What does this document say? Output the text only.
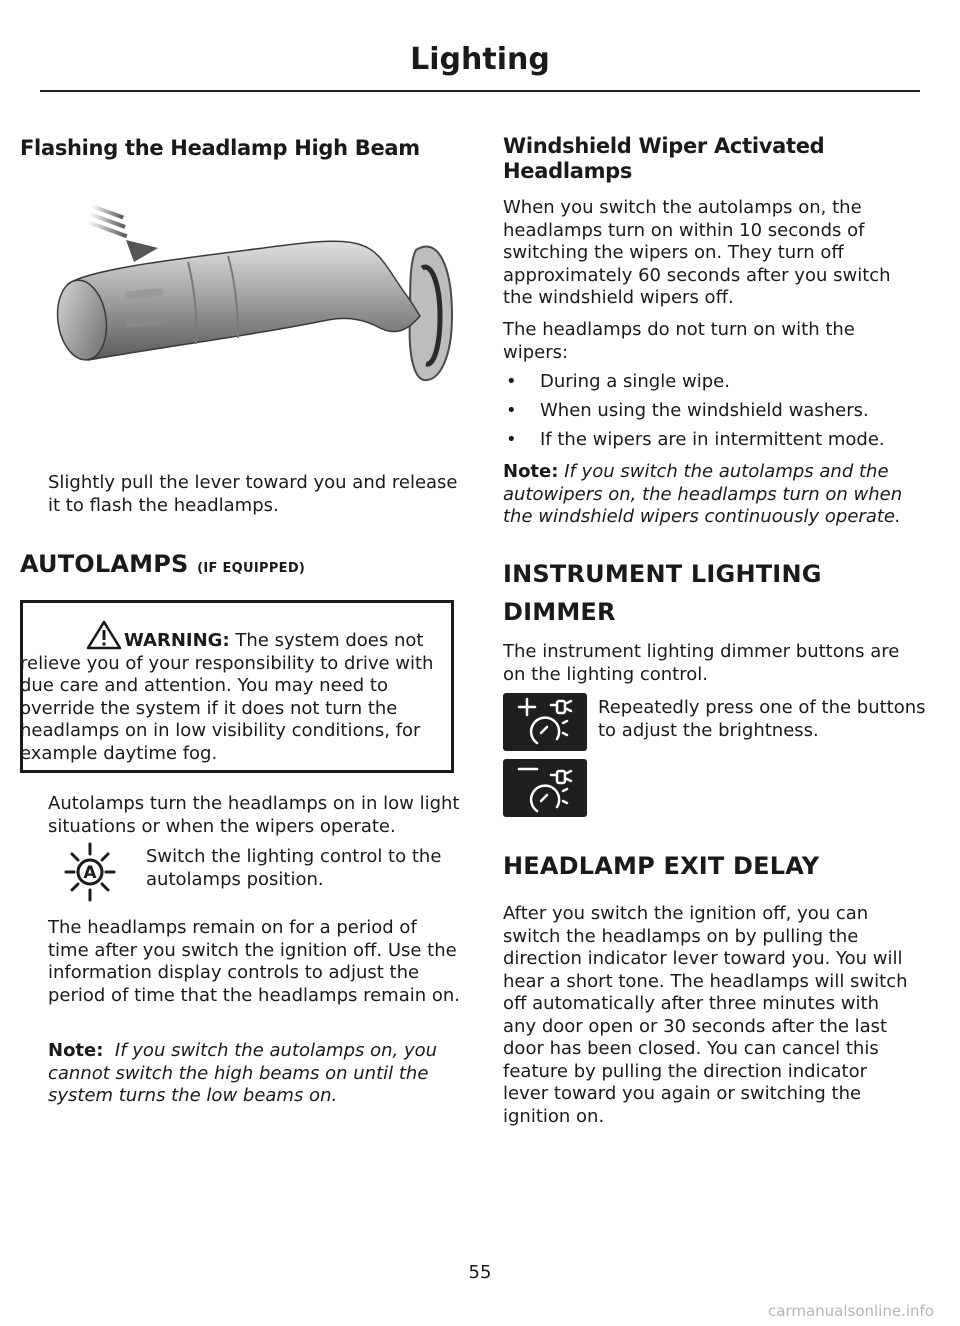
Lighting
Flashing the Headlamp High Beam
Slightly pull the lever toward you and release it to flash the headlamps.
AUTOLAMPS (IF EQUIPPED)
WARNING: The system does not relieve you of your responsibility to drive with due care and attention. You may need to override the system if it does not turn the headlamps on in low visibility conditions, for example daytime fog.
Autolamps turn the headlamps on in low light situations or when the wipers operate.
A
Switch the lighting control to the autolamps position.
The headlamps remain on for a period of time after you switch the ignition off. Use the information display controls to adjust the period of time that the headlamps remain on.
Note: If you switch the autolamps on, you cannot switch the high beams on until the system turns the low beams on.
Windshield Wiper Activated Headlamps
When you switch the autolamps on, the headlamps turn on within 10 seconds of switching the wipers on. They turn off approximately 60 seconds after you switch the windshield wipers off.
The headlamps do not turn on with the wipers:
•	During a single wipe.
•	When using the windshield washers.
•	If the wipers are in intermittent mode.
Note: If you switch the autolamps and the autowipers on, the headlamps turn on when the windshield wipers continuously operate.
INSTRUMENT LIGHTING DIMMER
The instrument lighting dimmer buttons are on the lighting control.
Repeatedly press one of the buttons to adjust the brightness.
HEADLAMP EXIT DELAY
After you switch the ignition off, you can switch the headlamps on by pulling the direction indicator lever toward you. You will hear a short tone. The headlamps will switch off automatically after three minutes with any door open or 30 seconds after the last door has been closed. You can cancel this feature by pulling the direction indicator lever toward you again or switching the ignition on.
55
carmanualsonline.info
